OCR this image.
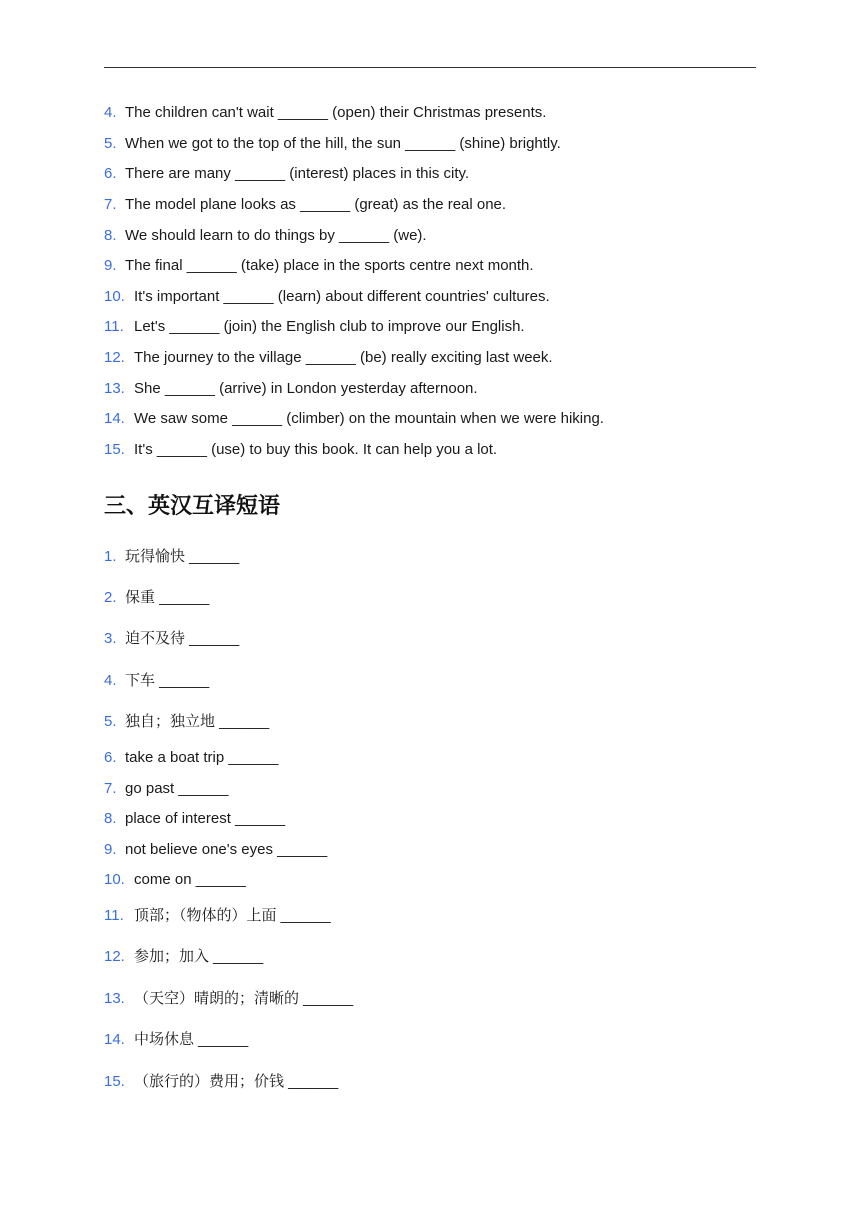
4. The children can't wait ______ (open) their Christmas presents.
5. When we got to the top of the hill, the sun ______ (shine) brightly.
6. There are many ______ (interest) places in this city.
7. The model plane looks as ______ (great) as the real one.
8. We should learn to do things by ______ (we).
9. The final ______ (take) place in the sports centre next month.
10. It's important ______ (learn) about different countries' cultures.
11. Let's ______ (join) the English club to improve our English.
12. The journey to the village ______ (be) really exciting last week.
13. She ______ (arrive) in London yesterday afternoon.
14. We saw some ______ (climber) on the mountain when we were hiking.
15. It's ______ (use) to buy this book. It can help you a lot.
三、英汉互译短语
1. 玩得愉快 ______
2. 保重 ______
3. 迫不及待 ______
4. 下车 ______
5. 独自；独立地 ______
6. take a boat trip ______
7. go past ______
8. place of interest ______
9. not believe one's eyes ______
10. come on ______
11. 顶部；（物体的）上面 ______
12. 参加；加入 ______
13. （天空）晴朗的；清晰的 ______
14. 中场休息 ______
15. （旅行的）费用；价钱 ______
